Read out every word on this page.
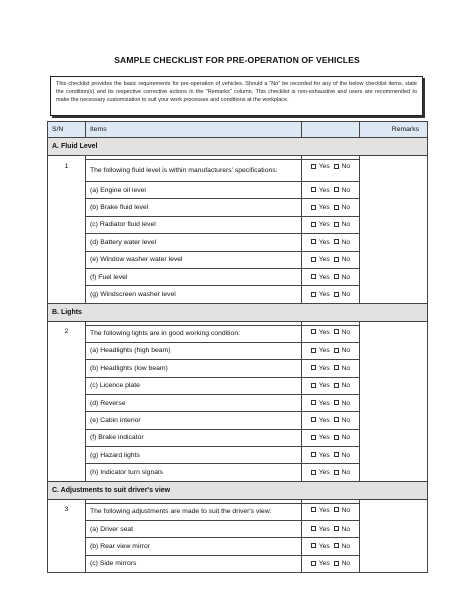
SAMPLE CHECKLIST FOR PRE-OPERATION OF VEHICLES
This checklist provides the basic requirements for pre-operation of vehicles. Should a "No" be recorded for any of the below checklist items, state the condition(s) and its respective corrective actions in the "Remarks" column. This checklist is non-exhaustive and users are recommended to make the necessary customization to suit your work processes and conditions at the workplace.
S/N	Items		Remarks
A. Fluid Level			

1	The following fluid level is within manufacturers' specifications:	Yes No	
	(a) Engine oil level	Yes No	
	(b) Brake fluid level	Yes No	
	(c) Radiator fluid level	Yes No	
	(d) Battery water level	Yes No	
	(e) Window washer water level	Yes No	
	(f) Fuel level	Yes No	
	(g) Windscreen washer level	Yes No	
B. Lights			

2	The following lights are in good working condition:	Yes No	
	(a) Headlights (high beam)	Yes No	
	(b) Headlights (low beam)	Yes No	
	(c) Licence plate	Yes No	
	(d) Reverse	Yes No	
	(e) Cabin interior	Yes No	
	(f) Brake indicator	Yes No	
	(g) Hazard lights	Yes No	
	(h) Indicator turn signals	Yes No	
C. Adjustments to suit driver's view			

3	The following adjustments are made to suit the driver's view:	Yes No	
	(a) Driver seat	Yes No	
	(b) Rear view mirror	Yes No	
	(c) Side mirrors	Yes No	
